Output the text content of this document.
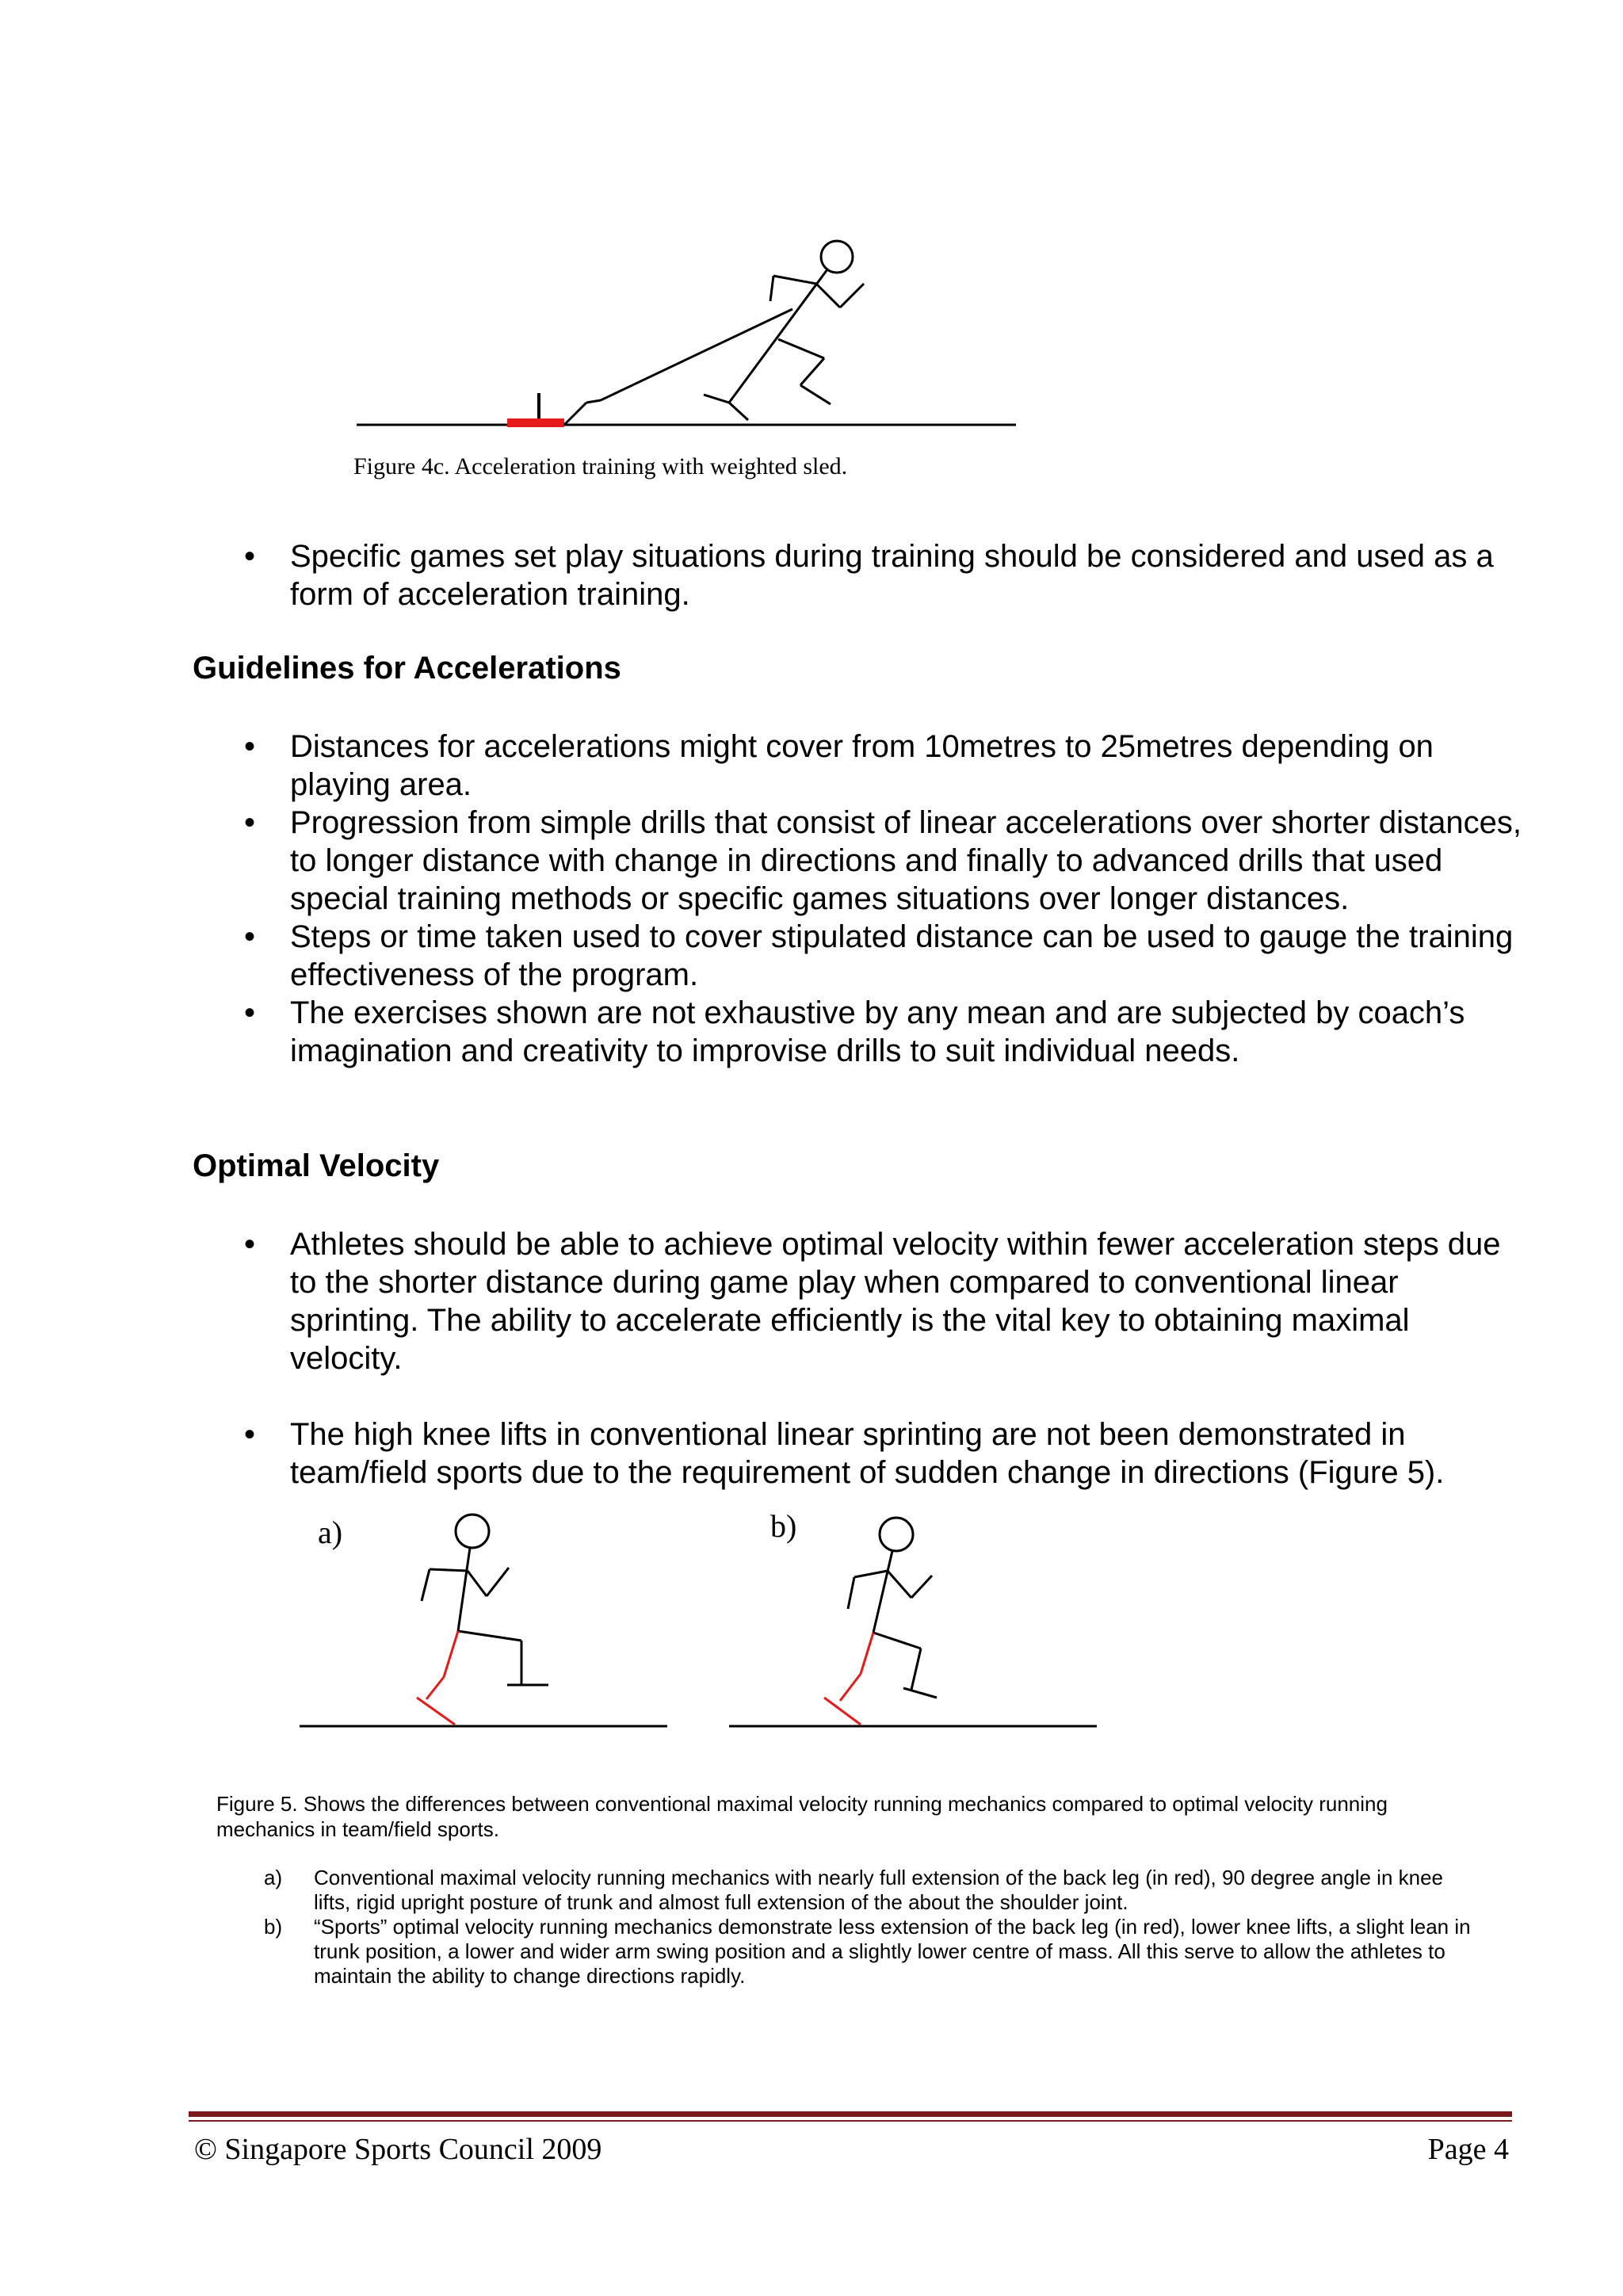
Figure 4c. Acceleration training with weighted sled.
• Specific games set play situations during training should be considered and used as a form of acceleration training.
Guidelines for Accelerations
• Distances for accelerations might cover from 10metres to 25metres depending on playing area.
• Progression from simple drills that consist of linear accelerations over shorter distances, to longer distance with change in directions and finally to advanced drills that used special training methods or specific games situations over longer distances.
• Steps or time taken used to cover stipulated distance can be used to gauge the training effectiveness of the program.
• The exercises shown are not exhaustive by any mean and are subjected by coach’s imagination and creativity to improvise drills to suit individual needs.
Optimal Velocity
• Athletes should be able to achieve optimal velocity within fewer acceleration steps due to the shorter distance during game play when compared to conventional linear sprinting. The ability to accelerate efficiently is the vital key to obtaining maximal velocity.
• The high knee lifts in conventional linear sprinting are not been demonstrated in team/field sports due to the requirement of sudden change in directions (Figure 5).
a)	b)
Figure 5. Shows the differences between conventional maximal velocity running mechanics compared to optimal velocity running mechanics in team/field sports.
a) Conventional maximal velocity running mechanics with nearly full extension of the back leg (in red), 90 degree angle in knee lifts, rigid upright posture of trunk and almost full extension of the about the shoulder joint.
b) “Sports” optimal velocity running mechanics demonstrate less extension of the back leg (in red), lower knee lifts, a slight lean in trunk position, a lower and wider arm swing position and a slightly lower centre of mass. All this serve to allow the athletes to maintain the ability to change directions rapidly.
© Singapore Sports Council 2009	Page 4
